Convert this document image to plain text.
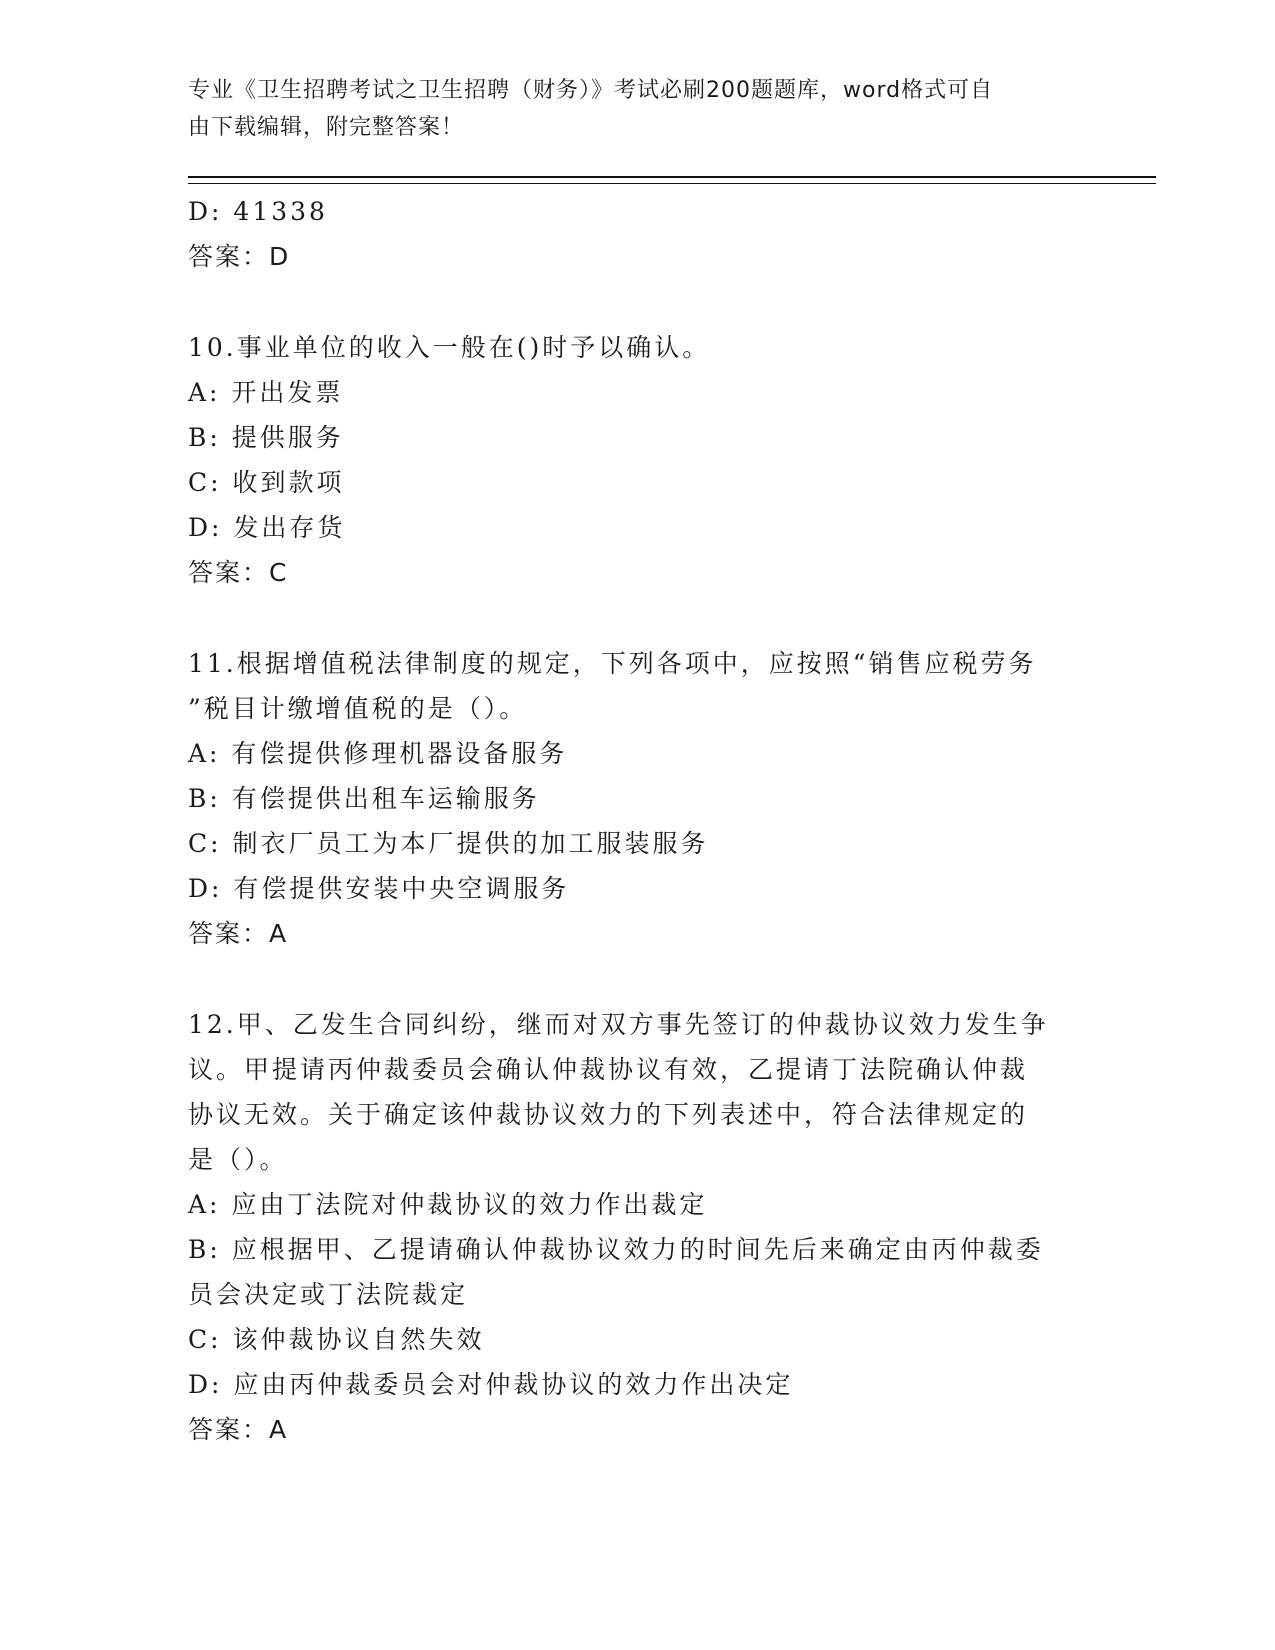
专业《卫生招聘考试之卫生招聘（财务）》考试必刷200题题库，word格式可自
由下载编辑，附完整答案！
D: 41338
答案：D
10.事业单位的收入一般在()时予以确认。
A: 开出发票
B: 提供服务
C: 收到款项
D: 发出存货
答案：C
11.根据增值税法律制度的规定，下列各项中，应按照“销售应税劳务
”税目计缴增值税的是（）。
A: 有偿提供修理机器设备服务
B: 有偿提供出租车运输服务
C: 制衣厂员工为本厂提供的加工服装服务
D: 有偿提供安装中央空调服务
答案：A
12.甲、乙发生合同纠纷，继而对双方事先签订的仲裁协议效力发生争
议。甲提请丙仲裁委员会确认仲裁协议有效，乙提请丁法院确认仲裁
协议无效。关于确定该仲裁协议效力的下列表述中，符合法律规定的
是（）。
A: 应由丁法院对仲裁协议的效力作出裁定
B: 应根据甲、乙提请确认仲裁协议效力的时间先后来确定由丙仲裁委
员会决定或丁法院裁定
C: 该仲裁协议自然失效
D: 应由丙仲裁委员会对仲裁协议的效力作出决定
答案：A
